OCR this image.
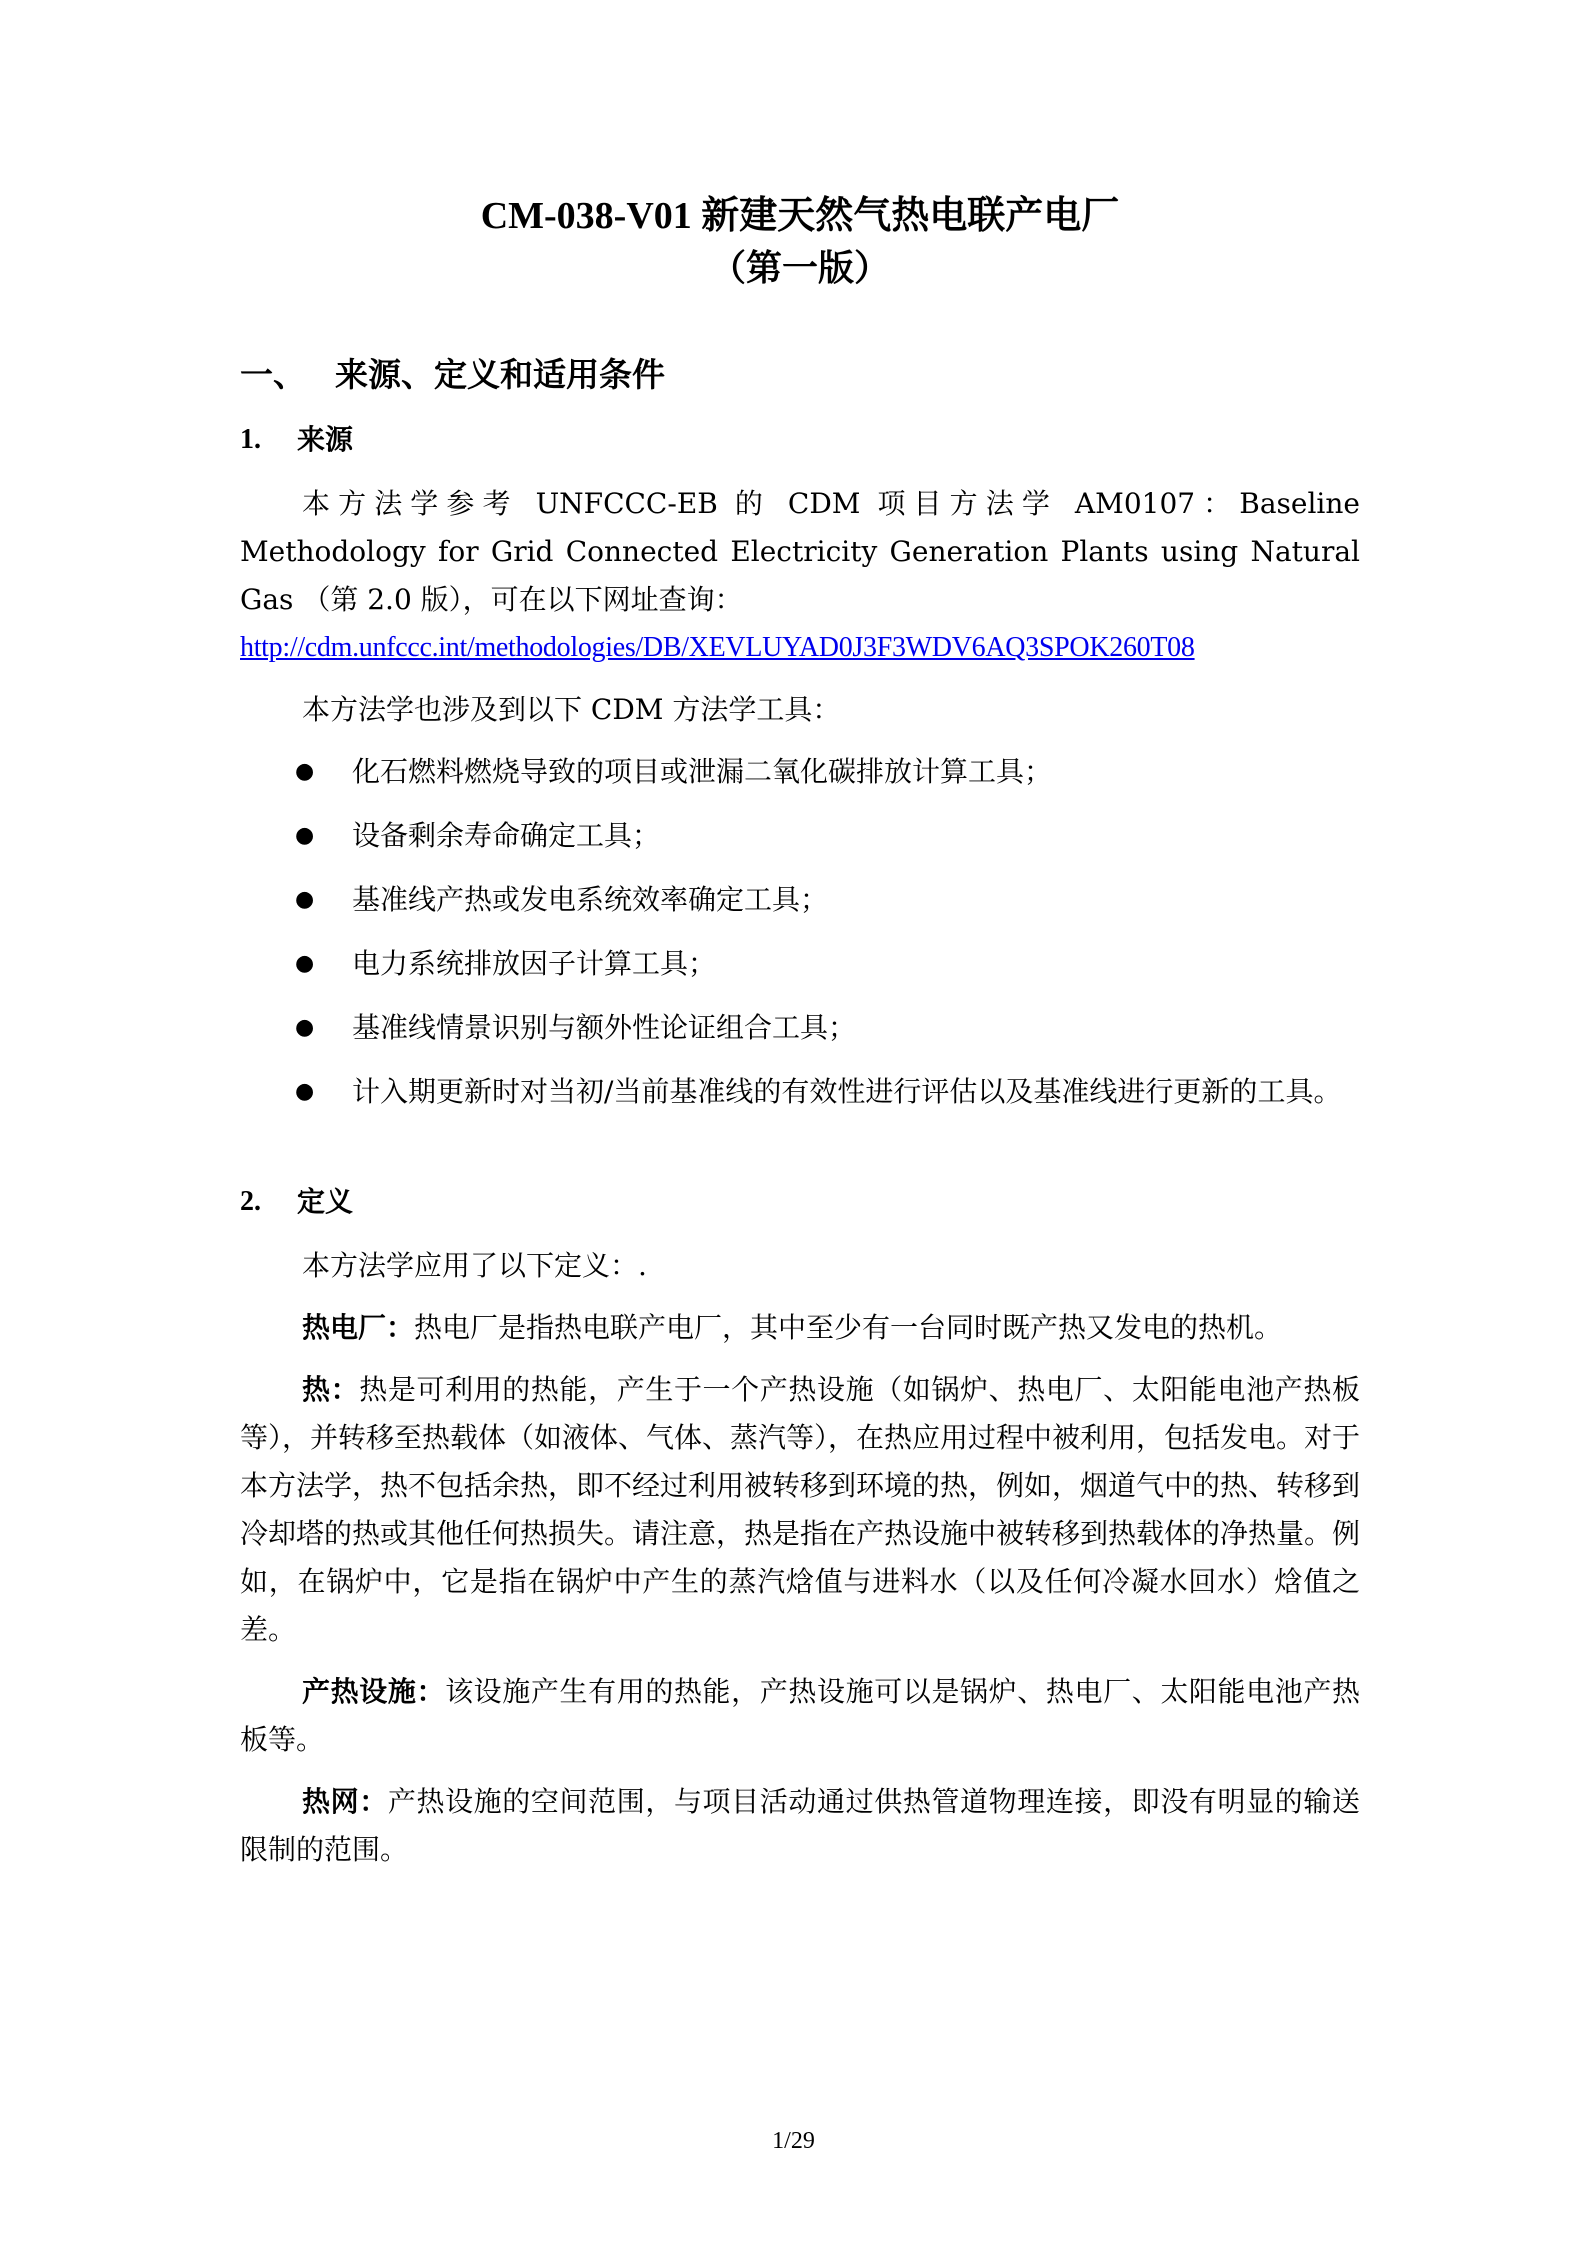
CM-038-V01 新建天然气热电联产电厂
（第一版）
一、 来源、定义和适用条件
1.	来源

本方法学参考 UNFCCC-EB 的 CDM 项目方法学 AM0107：Baseline Methodology for Grid Connected Electricity Generation Plants using Natural Gas （第 2.0 版），可在以下网址查询：

http://cdm.unfccc.int/methodologies/DB/XEVLUYAD0J3F3WDV6AQ3SPOK260T08

本方法学也涉及到以下 CDM 方法学工具：

●	化石燃料燃烧导致的项目或泄漏二氧化碳排放计算工具；
●	设备剩余寿命确定工具；
●	基准线产热或发电系统效率确定工具；
●	电力系统排放因子计算工具；
●	基准线情景识别与额外性论证组合工具；
●	计入期更新时对当初/当前基准线的有效性进行评估以及基准线进行更新的工具。
2.	定义

本方法学应用了以下定义：.

热电厂：热电厂是指热电联产电厂，其中至少有一台同时既产热又发电的热机。

热：热是可利用的热能，产生于一个产热设施（如锅炉、热电厂、太阳能电池产热板等），并转移至热载体（如液体、气体、蒸汽等），在热应用过程中被利用，包括发电。对于本方法学，热不包括余热，即不经过利用被转移到环境的热，例如，烟道气中的热、转移到冷却塔的热或其他任何热损失。请注意，热是指在产热设施中被转移到热载体的净热量。例如，在锅炉中，它是指在锅炉中产生的蒸汽焓值与进料水（以及任何冷凝水回水）焓值之差。

产热设施：该设施产生有用的热能，产热设施可以是锅炉、热电厂、太阳能电池产热板等。

热网：产热设施的空间范围，与项目活动通过供热管道物理连接，即没有明显的输送限制的范围。

1/29
